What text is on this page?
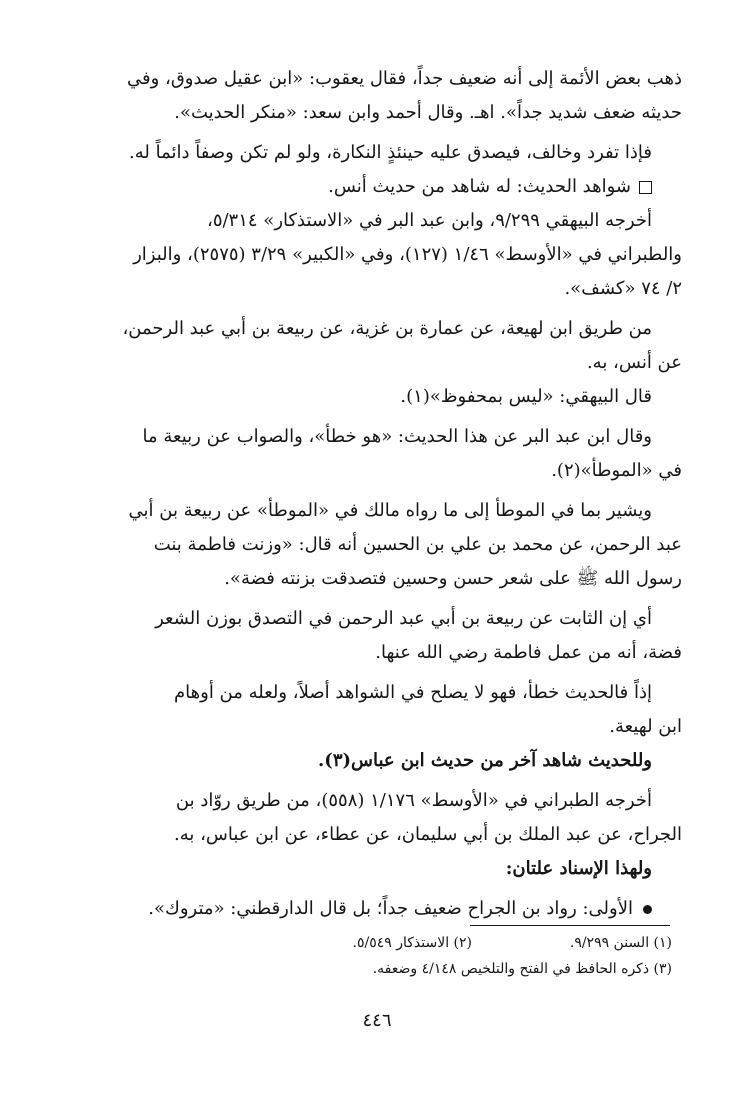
ذهب بعض الأئمة إلى أنه ضعيف جداً، فقال يعقوب: «ابن عقيل صدوق، وفي
حديثه ضعف شديد جداً». اهـ. وقال أحمد وابن سعد: «منكر الحديث».
فإذا تفرد وخالف، فيصدق عليه حينئذٍ النكارة، ولو لم تكن وصفاً دائماً له.
شواهد الحديث: له شاهد من حديث أنس.
أخرجه البيهقي ٩/٢٩٩، وابن عبد البر في «الاستذكار» ٥/٣١٤،
والطبراني في «الأوسط» ١/٤٦ (١٢٧)، وفي «الكبير» ٣/٢٩ (٢٥٧٥)، والبزار
٢/ ٧٤ «كشف».
من طريق ابن لهيعة، عن عمارة بن غزية، عن ربيعة بن أبي عبد الرحمن،
عن أنس، به.
قال البيهقي: «ليس بمحفوظ»(١).
وقال ابن عبد البر عن هذا الحديث: «هو خطأ»، والصواب عن ربيعة ما
في «الموطأ»(٢).
ويشير بما في الموطأ إلى ما رواه مالك في «الموطأ» عن ربيعة بن أبي
عبد الرحمن، عن محمد بن علي بن الحسين أنه قال: «وزنت فاطمة بنت
رسول الله ﷺ على شعر حسن وحسين فتصدقت بزنته فضة».
أي إن الثابت عن ربيعة بن أبي عبد الرحمن في التصدق بوزن الشعر
فضة، أنه من عمل فاطمة رضي الله عنها.
إذاً فالحديث خطأ، فهو لا يصلح في الشواهد أصلاً، ولعله من أوهام
ابن لهيعة.
وللحديث شاهد آخر من حديث ابن عباس(٣).
أخرجه الطبراني في «الأوسط» ١/١٧٦ (٥٥٨)، من طريق روّاد بن
الجراح، عن عبد الملك بن أبي سليمان، عن عطاء، عن ابن عباس، به.
ولهذا الإسناد علتان:
الأولى: رواد بن الجراح ضعيف جداً؛ بل قال الدارقطني: «متروك».
(١) السنن ٩/٢٩٩.
(٢) الاستذكار ٥/٥٤٩.
(٣) ذكره الحافظ في الفتح والتلخيص ٤/١٤٨ وضعفه.
٤٤٦
